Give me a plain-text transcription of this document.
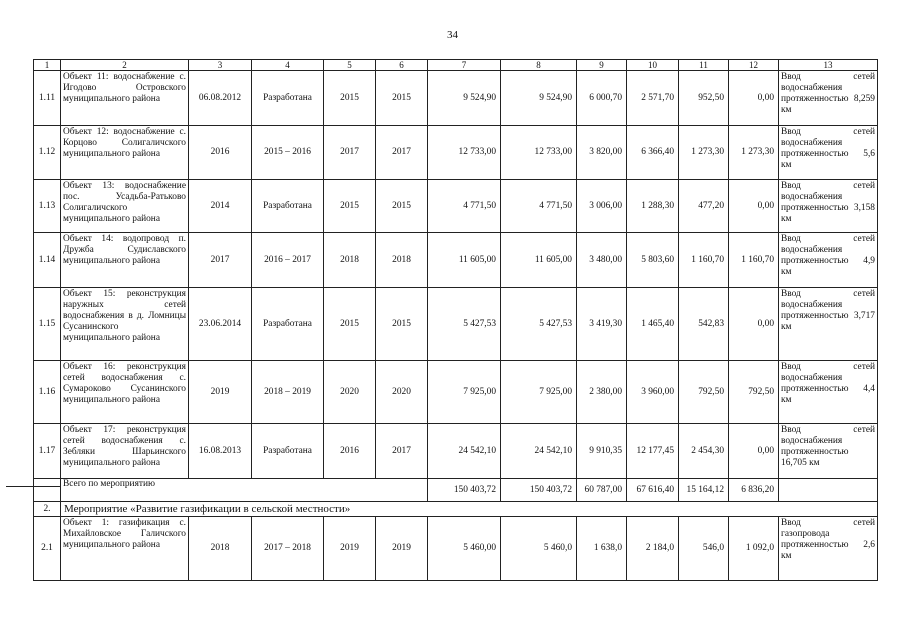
34
1	2	3	4	5	6	7	8	9	10	11	12	13
1.11	Объект 11: водоснабжение с. Игодово Островского муниципального района	06.08.2012	Разработана	2015	2015	9 524,90	9 524,90	6 000,70	2 571,70	952,50	0,00	Ввод сетей водоснабжения протяженностью 8,259 км
1.12	Объект 12: водоснабжение с. Корцово Солигаличского муниципального района	2016	2015 – 2016	2017	2017	12 733,00	12 733,00	3 820,00	6 366,40	1 273,30	1 273,30	Ввод сетей водоснабжения протяженностью 5,6 км
1.13	Объект 13: водоснабжение пос. Усадьба-Ратьково Солигаличского муниципального района	2014	Разработана	2015	2015	4 771,50	4 771,50	3 006,00	1 288,30	477,20	0,00	Ввод сетей водоснабжения протяженностью 3,158 км
1.14	Объект 14: водопровод п. Дружба Судиславского муниципального района	2017	2016 – 2017	2018	2018	11 605,00	11 605,00	3 480,00	5 803,60	1 160,70	1 160,70	Ввод сетей водоснабжения протяженностью 4,9 км
1.15	Объект 15: реконструкция наружных сетей водоснабжения в д. Ломницы Сусанинского муниципального района	23.06.2014	Разработана	2015	2015	5 427,53	5 427,53	3 419,30	1 465,40	542,83	0,00	Ввод сетей водоснабжения протяженностью 3,717 км
1.16	Объект 16: реконструкция сетей водоснабжения с. Сумароково Сусанинского муниципального района	2019	2018 – 2019	2020	2020	7 925,00	7 925,00	2 380,00	3 960,00	792,50	792,50	Ввод сетей водоснабжения протяженностью 4,4 км
1.17	Объект 17: реконструкция сетей водоснабжения с. Зебляки Шарьинского муниципального района	16.08.2013	Разработана	2016	2017	24 542,10	24 542,10	9 910,35	12 177,45	2 454,30	0,00	Ввод сетей водоснабжения протяженностью 16,705 км
	Всего по мероприятию					150 403,72	150 403,72	60 787,00	67 616,40	15 164,12	6 836,20	
2.	Мероприятие «Развитие газификации в сельской местности»											
2.1	Объект 1: газификация с. Михайловское Галичского муниципального района	2018	2017 – 2018	2019	2019	5 460,00	5 460,0	1 638,0	2 184,0	546,0	1 092,0	Ввод сетей газопровода протяженностью 2,6 км
